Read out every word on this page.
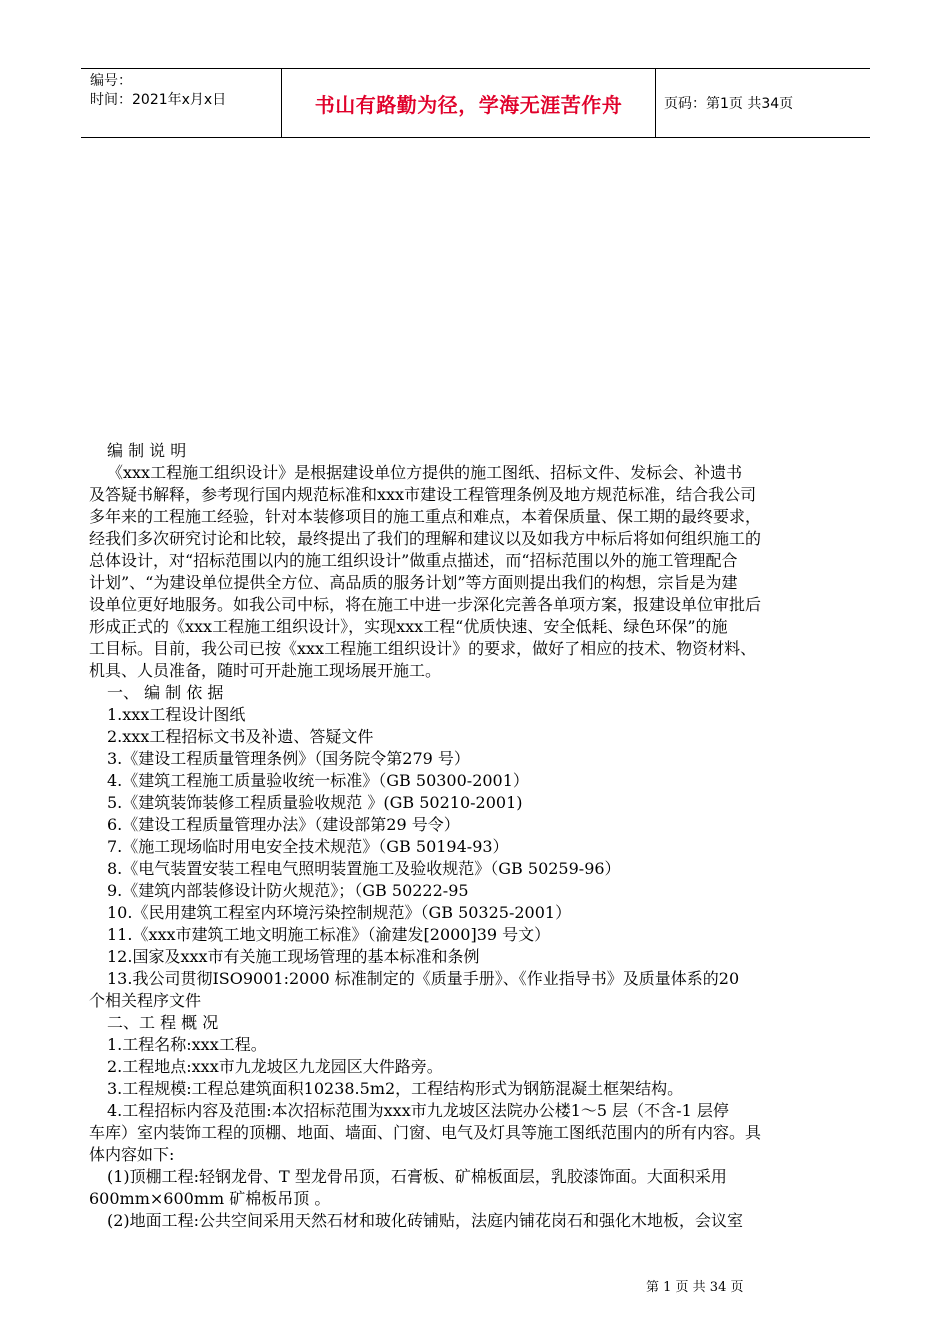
编号：
时间：2021年x月x日	书山有路勤为径，学海无涯苦作舟	页码：第1页 共34页
编 制 说 明
《xxx工程施工组织设计》是根据建设单位方提供的施工图纸、招标文件、发标会、补遗书
及答疑书解释，参考现行国内规范标准和xxx市建设工程管理条例及地方规范标准，结合我公司
多年来的工程施工经验，针对本装修项目的施工重点和难点，本着保质量、保工期的最终要求，
经我们多次研究讨论和比较，最终提出了我们的理解和建议以及如我方中标后将如何组织施工的
总体设计，对“招标范围以内的施工组织设计”做重点描述，而“招标范围以外的施工管理配合
计划”、“为建设单位提供全方位、高品质的服务计划”等方面则提出我们的构想，宗旨是为建
设单位更好地服务。如我公司中标，将在施工中进一步深化完善各单项方案，报建设单位审批后
形成正式的《xxx工程施工组织设计》，实现xxx工程“优质快速、安全低耗、绿色环保”的施
工目标。目前，我公司已按《xxx工程施工组织设计》的要求，做好了相应的技术、物资材料、
机具、人员准备，随时可开赴施工现场展开施工。
一、 编 制 依 据
1.xxx工程设计图纸
2.xxx工程招标文书及补遗、答疑文件
3.《建设工程质量管理条例》（国务院令第279 号）
4.《建筑工程施工质量验收统一标准》（GB 50300-2001）
5.《建筑装饰装修工程质量验收规范 》(GB 50210-2001)
6.《建设工程质量管理办法》（建设部第29 号令）
7.《施工现场临时用电安全技术规范》（GB 50194-93）
8.《电气装置安装工程电气照明装置施工及验收规范》（GB 50259-96）
9.《建筑内部装修设计防火规范》；（GB 50222-95
10.《民用建筑工程室内环境污染控制规范》（GB 50325-2001）
11.《xxx市建筑工地文明施工标准》（渝建发[2000]39 号文）
12.国家及xxx市有关施工现场管理的基本标准和条例
13.我公司贯彻ISO9001:2000 标准制定的《质量手册》、《作业指导书》及质量体系的20
个相关程序文件
二、工 程 概 况
1.工程名称:xxx工程。
2.工程地点:xxx市九龙坡区九龙园区大件路旁。
3.工程规模:工程总建筑面积10238.5m2，工程结构形式为钢筋混凝土框架结构。
4.工程招标内容及范围:本次招标范围为xxx市九龙坡区法院办公楼1～5 层（不含-1 层停
车库）室内装饰工程的顶棚、地面、墙面、门窗、电气及灯具等施工图纸范围内的所有内容。具
体内容如下:
(1)顶棚工程:轻钢龙骨、T 型龙骨吊顶，石膏板、矿棉板面层，乳胶漆饰面。大面积采用
600mm×600mm 矿棉板吊顶 。
(2)地面工程:公共空间采用天然石材和玻化砖铺贴，法庭内铺花岗石和强化木地板，会议室
第 1 页 共 34 页
